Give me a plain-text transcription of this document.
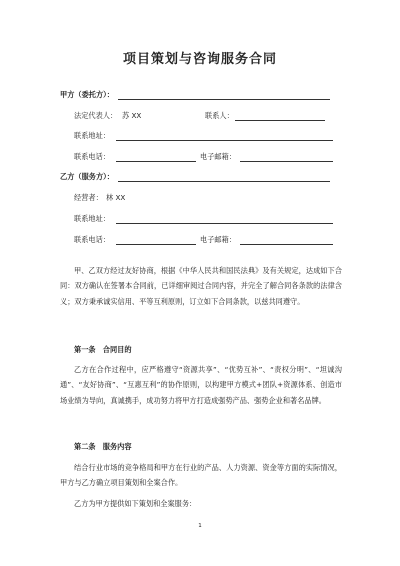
项目策划与咨询服务合同
甲方（委托方）：
法定代表人： 苏 XX	联系人：
联系地址：
联系电话：	电子邮箱：
乙方（服务方）：
经营者： 林 XX
联系地址：
联系电话：	电子邮箱：
甲、乙双方经过友好协商，根据《中华人民共和国民法典》及有关规定，达成如下合同：双方确认在签署本合同前，已详细审阅过合同内容，并完全了解合同各条款的法律含义；双方秉承诚实信用、平等互利原则，订立如下合同条款，以兹共同遵守。
第一条　合同目的
乙方在合作过程中，应严格遵守“资源共享”、“优势互补”、“责权分明”、“坦诚沟通”、“友好协商”、“互惠互利”的协作原则，以构建甲方模式+团队+资源体系、创造市场业绩为导向，真诚携手，成功努力将甲方打造成强势产品、强势企业和著名品牌。
第二条　服务内容
结合行业市场的竞争格局和甲方在行业的产品、人力资源、资金等方面的实际情况，甲方与乙方确立项目策划和全案合作。
乙方为甲方提供如下策划和全案服务：
1
